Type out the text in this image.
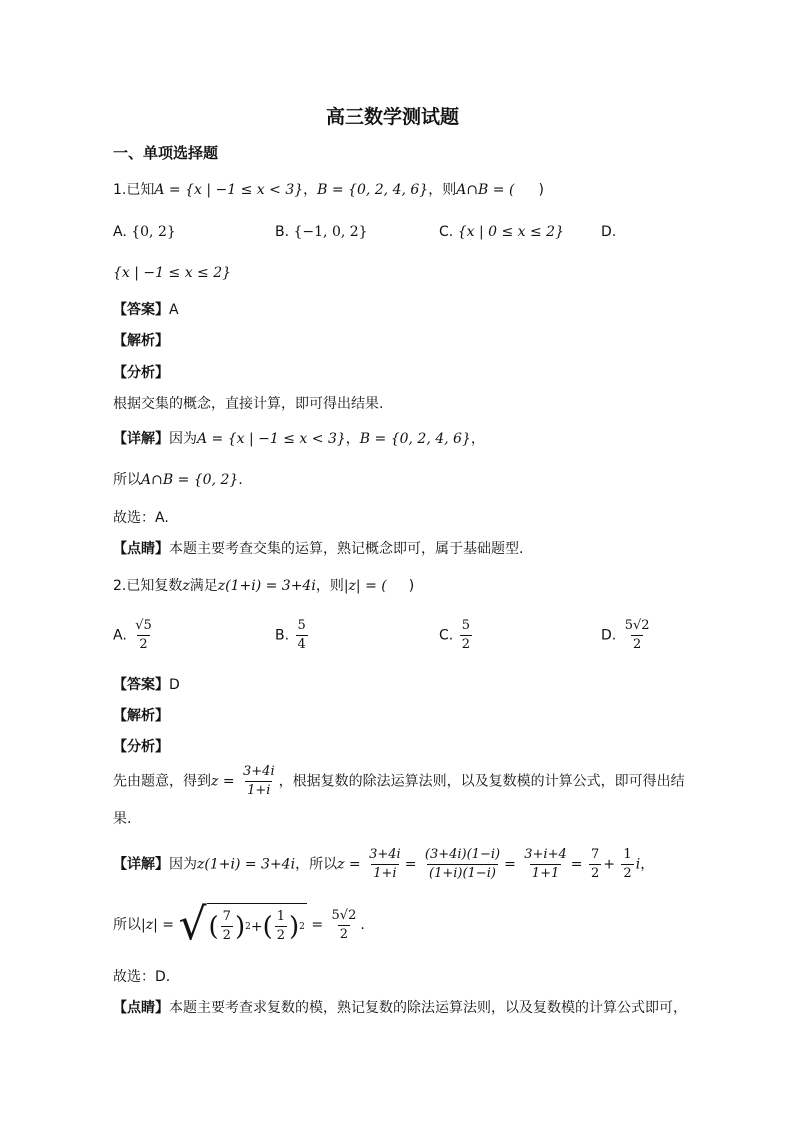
高三数学测试题
一、单项选择题
1.已知A = {x | −1 ≤ x < 3}，B = {0, 2, 4, 6}，则A∩B = ( )
A. {0, 2}	B. {−1, 0, 2}	C. {x | 0 ≤ x ≤ 2}	D.
{x | −1 ≤ x ≤ 2}
【答案】A
【解析】
【分析】
根据交集的概念，直接计算，即可得出结果.
【详解】因为A = {x | −1 ≤ x < 3}，B = {0, 2, 4, 6}，
所以A∩B = {0, 2}.
故选：A.
【点睛】本题主要考查交集的运算，熟记概念即可，属于基础题型.
2.已知复数z满足z(1+i) = 3+4i，则|z| = ( )
A. $\frac{√5}{2}$	B. $\frac{5}{4}$	C. $\frac{5}{2}$	D. $\frac{5√2}{2}$
【答案】D
【解析】
【分析】
先由题意，得到$z = \frac{3+4i}{1+i}$ ，根据复数的除法运算法则，以及复数模的计算公式，即可得出结
果.
【详解】因为z(1+i) = 3+4i，所以$z = \frac{3+4i}{1+i} = \frac{(3+4i)(1-i)}{(1+i)(1-i)} = \frac{3+i+4}{1+1} = \frac{7}{2} + \frac{1}{2}$ i，
所以|z| = √ ( $\frac{7}{2}$ ) 2 + ( $\frac{1}{2}$ ) $2 = \frac{5√2}{2}$ .
故选：D.
【点睛】本题主要考查求复数的模，熟记复数的除法运算法则，以及复数模的计算公式即可，
